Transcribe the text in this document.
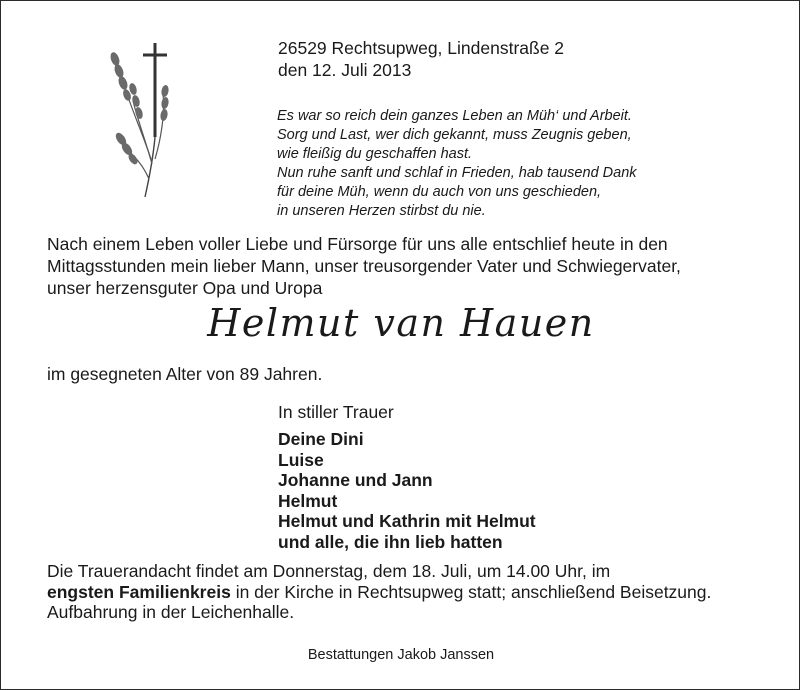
26529 Rechtsupweg, Lindenstraße 2
den 12. Juli 2013
Es war so reich dein ganzes Leben an Müh‘ und Arbeit.
Sorg und Last, wer dich gekannt, muss Zeugnis geben,
wie fleißig du geschaffen hast.
Nun ruhe sanft und schlaf in Frieden, hab tausend Dank
für deine Müh, wenn du auch von uns geschieden,
in unseren Herzen stirbst du nie.
Nach einem Leben voller Liebe und Fürsorge für uns alle entschlief heute in den
Mittagsstunden mein lieber Mann, unser treusorgender Vater und Schwiegervater,
unser herzensguter Opa und Uropa
Helmut van Hauen
im gesegneten Alter von 89 Jahren.
In stiller Trauer
Deine Dini
Luise
Johanne und Jann
Helmut
Helmut und Kathrin mit Helmut
und alle, die ihn lieb hatten
Die Trauerandacht findet am Donnerstag, dem 18. Juli, um 14.00 Uhr, im
engsten Familienkreis in der Kirche in Rechtsupweg statt; anschließend Beisetzung.
Aufbahrung in der Leichenhalle.
Bestattungen Jakob Janssen
